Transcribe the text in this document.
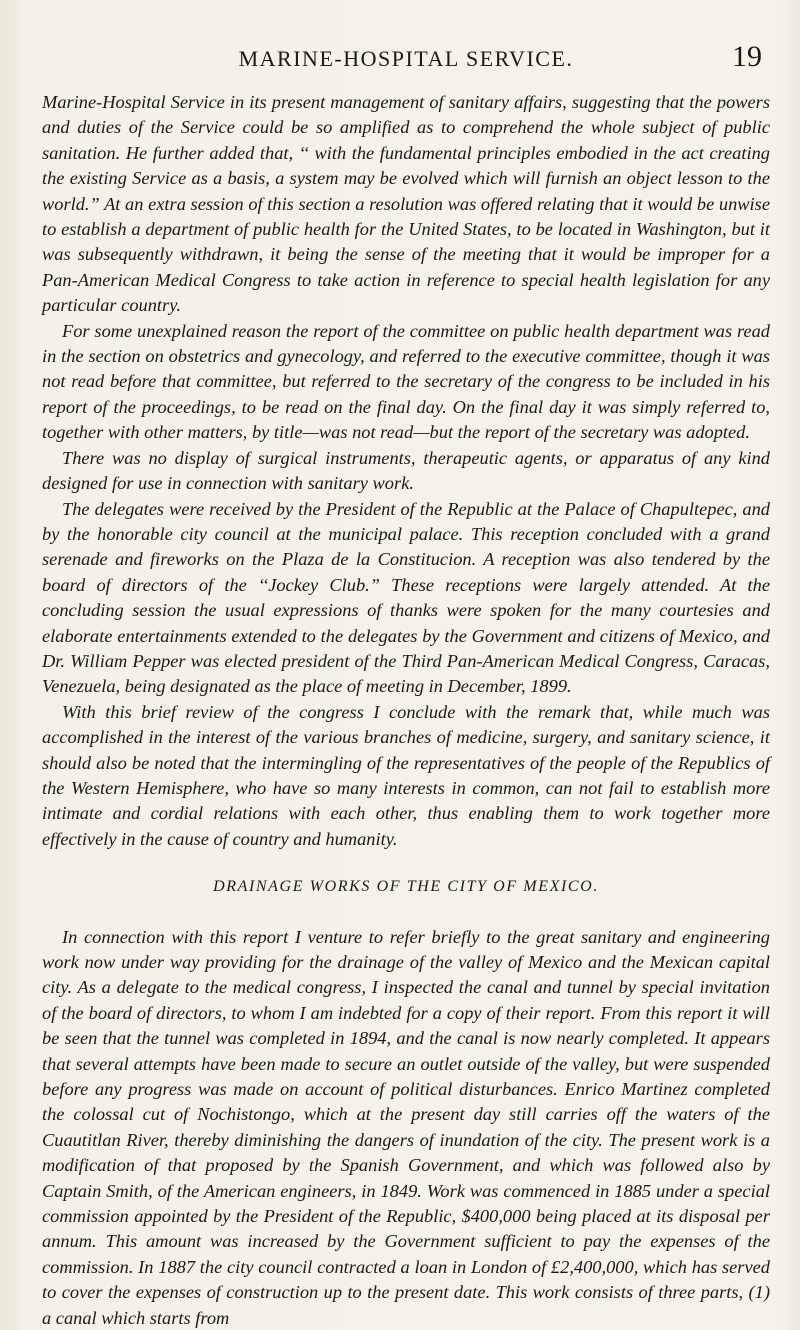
MARINE-HOSPITAL SERVICE.	19

Marine-Hospital Service in its present management of sanitary affairs, suggesting that the powers and duties of the Service could be so amplified as to comprehend the whole subject of public sanitation. He further added that, ‘‘ with the fundamental principles embodied in the act creating the existing Service as a basis, a system may be evolved which will furnish an object lesson to the world.” At an extra session of this section a resolution was offered relating that it would be unwise to establish a department of public health for the United States, to be located in Washington, but it was subsequently withdrawn, it being the sense of the meeting that it would be improper for a Pan-American Medical Congress to take action in reference to special health legislation for any particular country.

For some unexplained reason the report of the committee on public health department was read in the section on obstetrics and gynecology, and referred to the executive committee, though it was not read before that committee, but referred to the secretary of the congress to be included in his report of the proceedings, to be read on the final day. On the final day it was simply referred to, together with other matters, by title—was not read—but the report of the secretary was adopted.

There was no display of surgical instruments, therapeutic agents, or apparatus of any kind designed for use in connection with sanitary work.

The delegates were received by the President of the Republic at the Palace of Chapultepec, and by the honorable city council at the municipal palace. This reception concluded with a grand serenade and fireworks on the Plaza de la Constitucion. A reception was also tendered by the board of directors of the ‘‘Jockey Club.” These receptions were largely attended. At the concluding session the usual expressions of thanks were spoken for the many courtesies and elaborate entertainments extended to the delegates by the Government and citizens of Mexico, and Dr. William Pepper was elected president of the Third Pan-American Medical Congress, Caracas, Venezuela, being designated as the place of meeting in December, 1899.

With this brief review of the congress I conclude with the remark that, while much was accomplished in the interest of the various branches of medicine, surgery, and sanitary science, it should also be noted that the intermingling of the representatives of the people of the Republics of the Western Hemisphere, who have so many interests in common, can not fail to establish more intimate and cordial relations with each other, thus enabling them to work together more effectively in the cause of country and humanity.

DRAINAGE WORKS OF THE CITY OF MEXICO.

In connection with this report I venture to refer briefly to the great sanitary and engineering work now under way providing for the drainage of the valley of Mexico and the Mexican capital city. As a delegate to the medical congress, I inspected the canal and tunnel by special invitation of the board of directors, to whom I am indebted for a copy of their report. From this report it will be seen that the tunnel was completed in 1894, and the canal is now nearly completed. It appears that several attempts have been made to secure an outlet outside of the valley, but were suspended before any progress was made on account of political disturbances. Enrico Martinez completed the colossal cut of Nochistongo, which at the present day still carries off the waters of the Cuautitlan River, thereby diminishing the dangers of inundation of the city. The present work is a modification of that proposed by the Spanish Government, and which was followed also by Captain Smith, of the American engineers, in 1849. Work was commenced in 1885 under a special commission appointed by the President of the Republic, $400,000 being placed at its disposal per annum. This amount was increased by the Government sufficient to pay the expenses of the commission. In 1887 the city council contracted a loan in London of £2,400,000, which has served to cover the expenses of construction up to the present date. This work consists of three parts, (1) a canal which starts from
